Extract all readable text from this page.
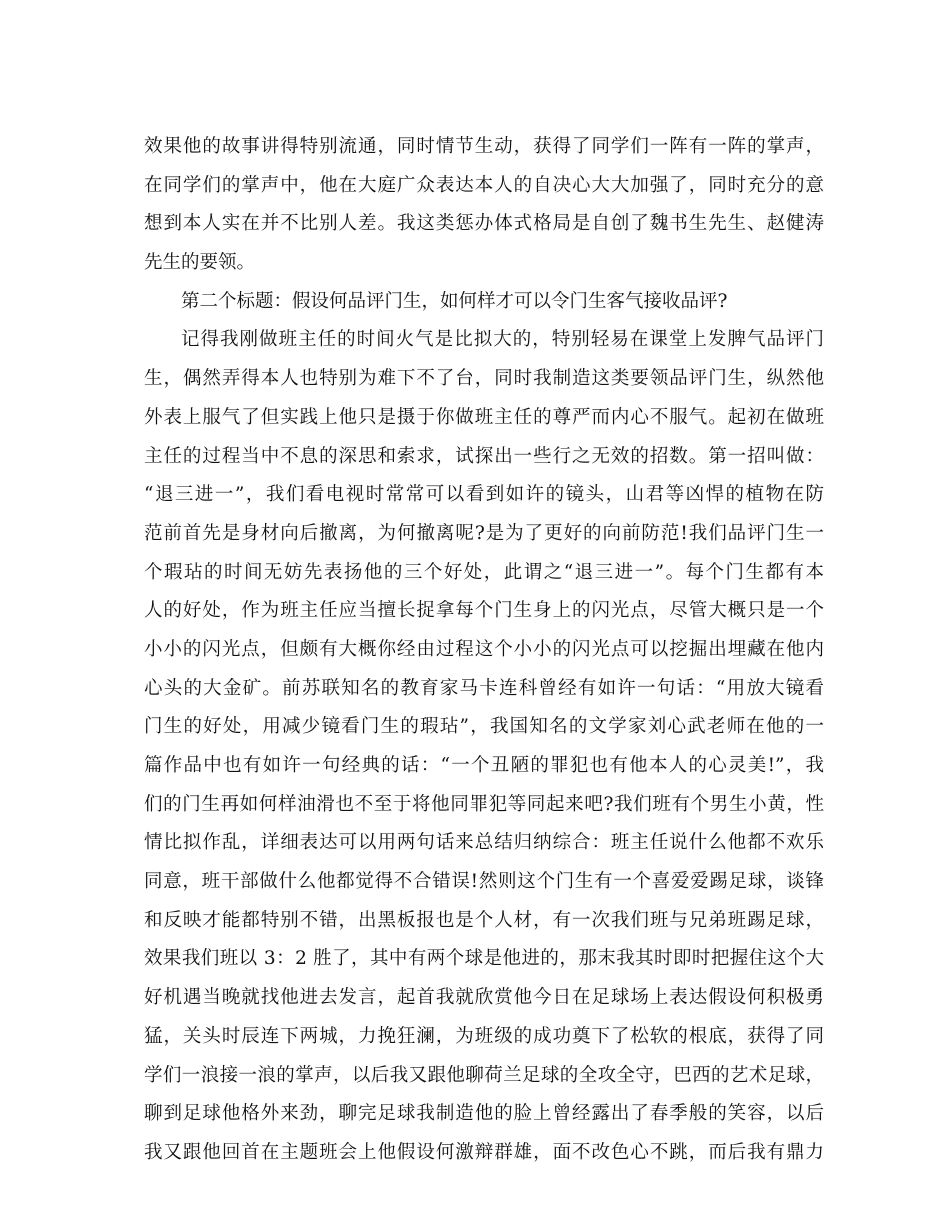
效果他的故事讲得特别流通，同时情节生动，获得了同学们一阵有一阵的掌声，
在同学们的掌声中，他在大庭广众表达本人的自决心大大加强了，同时充分的意
想到本人实在并不比别人差。我这类惩办体式格局是自创了魏书生先生、赵健涛
先生的要领。
第二个标题：假设何品评门生，如何样才可以令门生客气接收品评?
记得我刚做班主任的时间火气是比拟大的，特别轻易在课堂上发脾气品评门
生，偶然弄得本人也特别为难下不了台，同时我制造这类要领品评门生，纵然他
外表上服气了但实践上他只是摄于你做班主任的尊严而内心不服气。起初在做班
主任的过程当中不息的深思和索求，试探出一些行之无效的招数。第一招叫做：
“退三进一”，我们看电视时常常可以看到如许的镜头，山君等凶悍的植物在防
范前首先是身材向后撤离，为何撤离呢?是为了更好的向前防范!我们品评门生一
个瑕玷的时间无妨先表扬他的三个好处，此谓之“退三进一”。每个门生都有本
人的好处，作为班主任应当擅长捉拿每个门生身上的闪光点，尽管大概只是一个
小小的闪光点，但颇有大概你经由过程这个小小的闪光点可以挖掘出埋藏在他内
心头的大金矿。前苏联知名的教育家马卡连科曾经有如许一句话：“用放大镜看
门生的好处，用减少镜看门生的瑕玷”，我国知名的文学家刘心武老师在他的一
篇作品中也有如许一句经典的话：“一个丑陋的罪犯也有他本人的心灵美!”，我
们的门生再如何样油滑也不至于将他同罪犯等同起来吧?我们班有个男生小黄，性
情比拟作乱，详细表达可以用两句话来总结归纳综合：班主任说什么他都不欢乐
同意，班干部做什么他都觉得不合错误!然则这个门生有一个喜爱爱踢足球，谈锋
和反映才能都特别不错，出黑板报也是个人材，有一次我们班与兄弟班踢足球，
效果我们班以 3：2 胜了，其中有两个球是他进的，那末我其时即时把握住这个大
好机遇当晚就找他进去发言，起首我就欣赏他今日在足球场上表达假设何积极勇
猛，关头时辰连下两城，力挽狂澜，为班级的成功奠下了松软的根底，获得了同
学们一浪接一浪的掌声，以后我又跟他聊荷兰足球的全攻全守，巴西的艺术足球，
聊到足球他格外来劲，聊完足球我制造他的脸上曾经露出了春季般的笑容，以后
我又跟他回首在主题班会上他假设何激辩群雄，面不改色心不跳，而后我有鼎力
